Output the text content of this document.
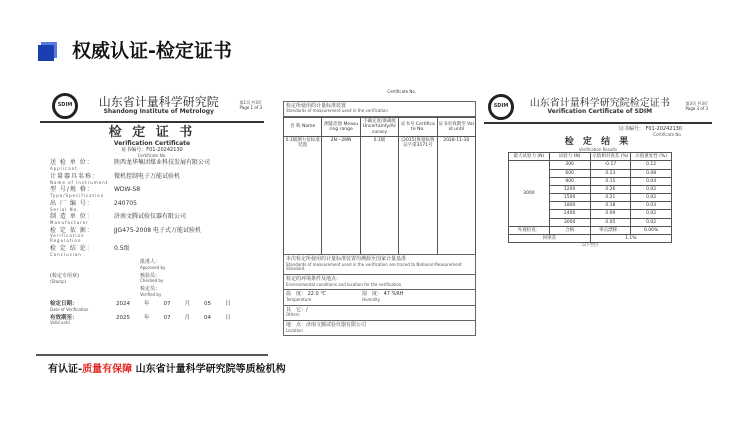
权威认证-检定证书
SDIM	山东省计量科学研究院
Shandong Institute of Metrology
第1页 共3页
Page 1 of 3
检 定 证 书
Verification Certificate
证书编号：F01-20242130
Certificate No.
送 检 单 位：
Applicant
陕西龙华集团煤业科技发展有限公司
计量器具名称：
Name of Instrument
微机控制电子万能试验机
型 号/规 格：
Type/Specification
WDW-S8
出 厂 编 号：
Serial No.
240705
制 造 单 位：
Manufacturer
济南文腾试验仪器有限公司
检 定 依 据：
Verification Regulation
JJG475-2008 电子式万能试验机
检 定 结 论：
Conclusion
0.5级
(检定专用章)
(Stamp)
批准人：
Approved by
核验员：
Checked by
检定员：
Verified by
检定日期：
Date of Verification
2024	年	07	月	05	日
有效期至：
Valid until
2025	年	07	月	04	日
Certificate No.
检定所使用的计量标准装置
Standards of measurement used in the verification
名 称 Name	测量范围 Measuring range	不确定度/准确度 Uncertainty/Accuracy	证书号 Certificate No.	证书有效期至 Valid until
0.1级测力仪标准装置	2N～2MN	0.1级	[2015]鲁量标鲁证字第3171号	2028-11-30
本次检定所使用的计量标准装置均溯源至国家计量基准
Standards of measurement used in the verification are traced to National Measurement Standard.
检定的环境条件及地点：
Environmental conditions and location for the verification
温　度： 22.0 ℃
Temperature
湿　度： 47 %RH
Humidity
其　它：/
Others
地　点：济南文腾试验仪器有限公司
Location
SDIM	山东省计量科学研究院检定证书
Verification Certificate of SDIM
第3页 共3页
Page 3 of 3
证书编号： F01-20242130
Certificate No.
检 定 结 果
Verification Results
最大试验力 (N)	试验力 (N)	示值相对误差 (%)	示值重复性 (%)
3000	300	-0.17	0.12
	600	0.13	0.08
	900	0.15	0.04
	1200	0.26	0.02
	1500	0.21	0.02
	1800	0.18	0.03
	2400	0.09	0.02
	3000	0.05	0.02
外观检查：	合格	零点漂移：	0.06%
回零差		1.1%	
以下空白
有认证-质量有保障 山东省计量科学研究院等质检机构
